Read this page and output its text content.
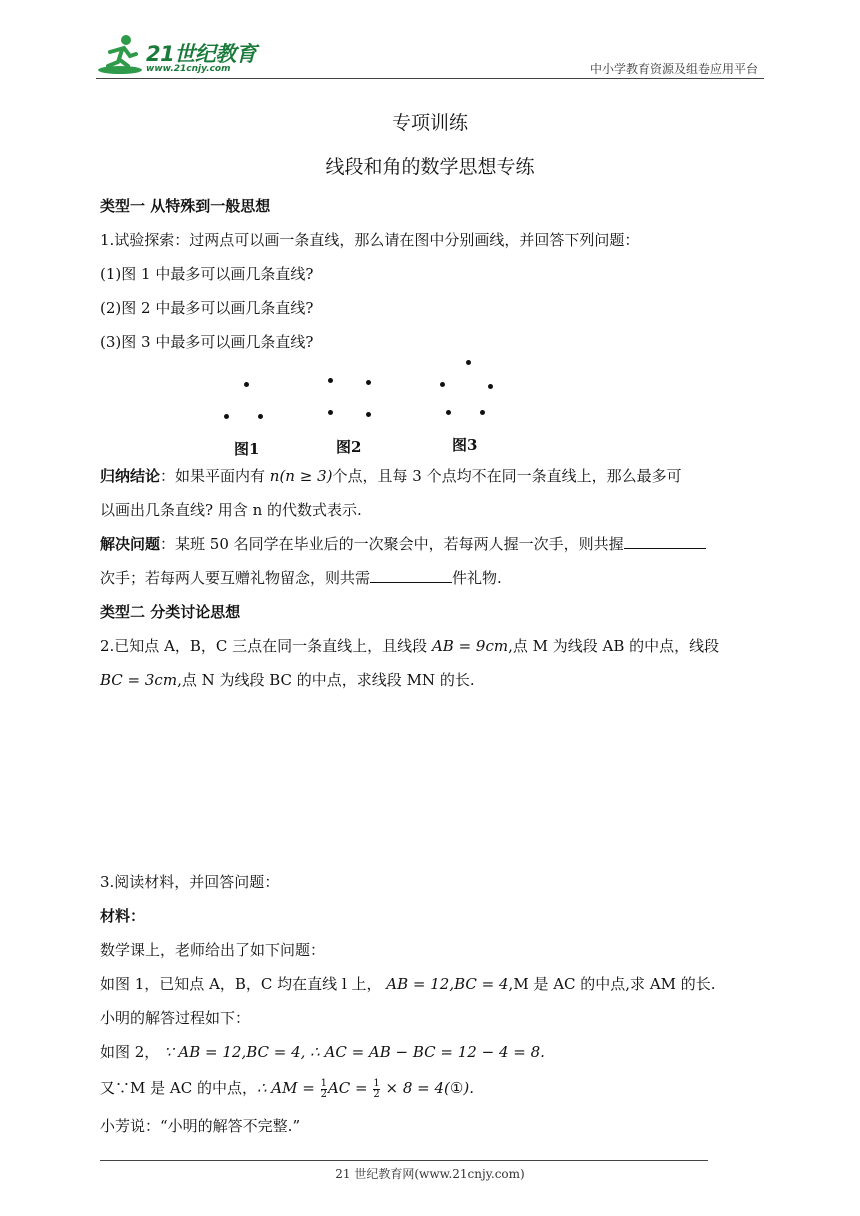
21世纪教育
www.21cnjy.com	中小学教育资源及组卷应用平台
专项训练
线段和角的数学思想专练
类型一 从特殊到一般思想
1.试验探索：过两点可以画一条直线，那么请在图中分别画线，并回答下列问题：
(1)图 1 中最多可以画几条直线?
(2)图 2 中最多可以画几条直线?
(3)图 3 中最多可以画几条直线?
图1	图2	图3
归纳结论：如果平面内有 n(n ≥ 3)个点，且每 3 个点均不在同一条直线上，那么最多可
以画出几条直线? 用含 n 的代数式表示.
解决问题：某班 50 名同学在毕业后的一次聚会中，若每两人握一次手，则共握
次手；若每两人要互赠礼物留念，则共需	件礼物.
类型二 分类讨论思想
2.已知点 A，B，C 三点在同一条直线上，且线段 AB = 9cm,点 M 为线段 AB 的中点，线段
BC = 3cm,点 N 为线段 BC 的中点，求线段 MN 的长.
3.阅读材料，并回答问题：
材料：
数学课上，老师给出了如下问题：
如图 1，已知点 A，B，C 均在直线 l 上， AB = 12,BC = 4,M 是 AC 的中点,求 AM 的长.
小明的解答过程如下：
如图 2， ∵ AB = 12,BC = 4, ∴ AC = AB − BC = 12 − 4 = 8.
又∵M 是 AC 的中点，∴ AM = $\frac{1}{2}$ AC = $\frac{1}{2} \times 8$ = 4(①).
小芳说：“小明的解答不完整.”
21 世纪教育网(www.21cnjy.com)
